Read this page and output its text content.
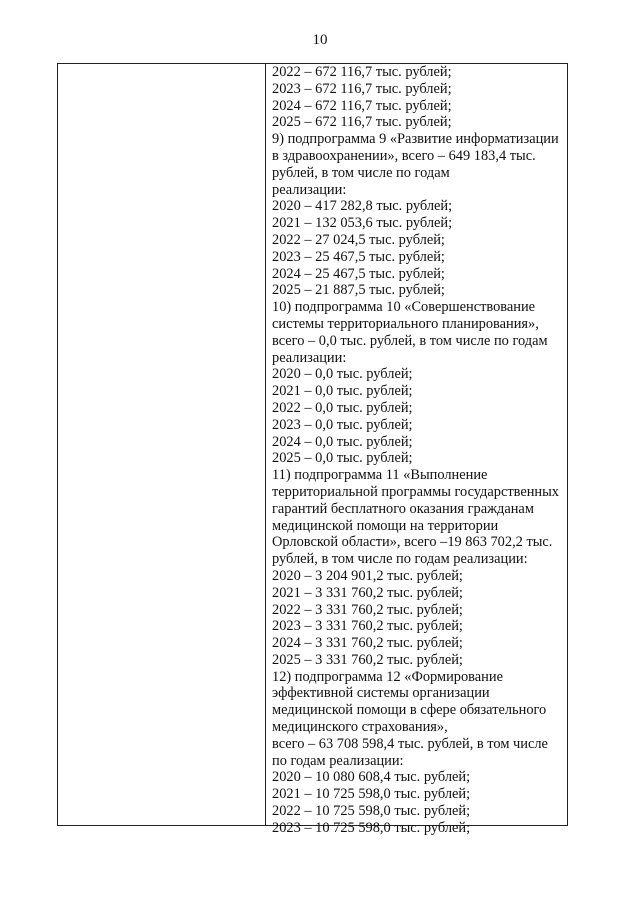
10
2022 – 672 116,7 тыс. рублей;
2023 – 672 116,7 тыс. рублей;
2024 – 672 116,7 тыс. рублей;
2025 – 672 116,7 тыс. рублей;
9) подпрограмма 9 «Развитие информатизации
в здравоохранении», всего – 649 183,4 тыс.
рублей, в том числе по годам
реализации:
2020 – 417 282,8 тыс. рублей;
2021 – 132 053,6 тыс. рублей;
2022 – 27 024,5 тыс. рублей;
2023 – 25 467,5 тыс. рублей;
2024 – 25 467,5 тыс. рублей;
2025 – 21 887,5 тыс. рублей;
10) подпрограмма 10 «Совершенствование
системы территориального планирования»,
всего – 0,0 тыс. рублей, в том числе по годам
реализации:
2020 – 0,0 тыс. рублей;
2021 – 0,0 тыс. рублей;
2022 – 0,0 тыс. рублей;
2023 – 0,0 тыс. рублей;
2024 – 0,0 тыс. рублей;
2025 – 0,0 тыс. рублей;
11) подпрограмма 11 «Выполнение
территориальной программы государственных
гарантий бесплатного оказания гражданам
медицинской помощи на территории
Орловской области», всего –19 863 702,2 тыс.
рублей, в том числе по годам реализации:
2020 – 3 204 901,2 тыс. рублей;
2021 – 3 331 760,2 тыс. рублей;
2022 – 3 331 760,2 тыс. рублей;
2023 – 3 331 760,2 тыс. рублей;
2024 – 3 331 760,2 тыс. рублей;
2025 – 3 331 760,2 тыс. рублей;
12) подпрограмма 12 «Формирование
эффективной системы организации
медицинской помощи в сфере обязательного
медицинского страхования»,
всего – 63 708 598,4 тыс. рублей, в том числе
по годам реализации:
2020 – 10 080 608,4 тыс. рублей;
2021 – 10 725 598,0 тыс. рублей;
2022 – 10 725 598,0 тыс. рублей;
2023 – 10 725 598,0 тыс. рублей;
